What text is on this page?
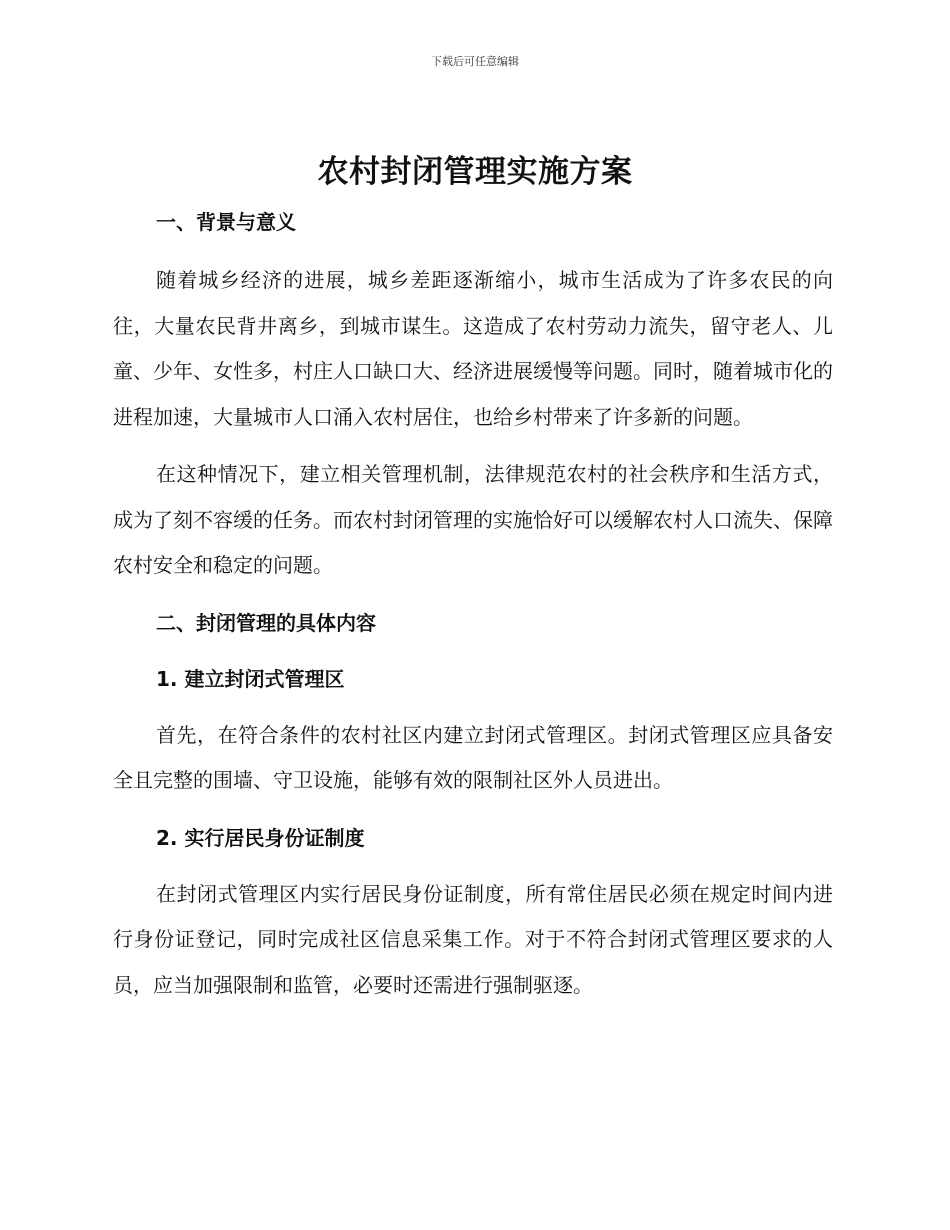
下载后可任意编辑
农村封闭管理实施方案
一、背景与意义

随着城乡经济的进展，城乡差距逐渐缩小，城市生活成为了许多农民的向往，大量农民背井离乡，到城市谋生。这造成了农村劳动力流失，留守老人、儿童、少年、女性多，村庄人口缺口大、经济进展缓慢等问题。同时，随着城市化的进程加速，大量城市人口涌入农村居住，也给乡村带来了许多新的问题。

在这种情况下，建立相关管理机制，法律规范农村的社会秩序和生活方式，成为了刻不容缓的任务。而农村封闭管理的实施恰好可以缓解农村人口流失、保障农村安全和稳定的问题。

二、封闭管理的具体内容
1. 建立封闭式管理区

首先，在符合条件的农村社区内建立封闭式管理区。封闭式管理区应具备安全且完整的围墙、守卫设施，能够有效的限制社区外人员进出。

2. 实行居民身份证制度

在封闭式管理区内实行居民身份证制度，所有常住居民必须在规定时间内进行身份证登记，同时完成社区信息采集工作。对于不符合封闭式管理区要求的人员，应当加强限制和监管，必要时还需进行强制驱逐。
